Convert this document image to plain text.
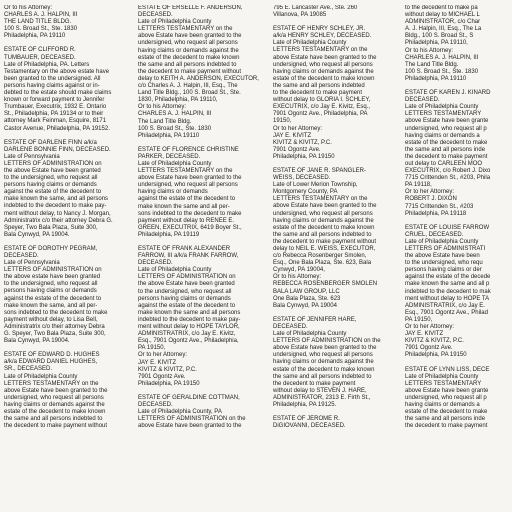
Or to his Attorney:

CHARLES A. J. HALPIN, III

THE LAND TITLE BLDG.

100 S. Broad St., Ste. 1830

Philadelphia, PA 19110

ESTATE OF CLIFFORD R.

TUMBAUER, DECEASED.

Late of Philadelphia, PA. Letters

Testamentary on the above estate have

been granted to the undersigned. All

persons having claims against or in-

debted to the estate should make claims

known or forward payment to Jennifer

Trumbauer, Executrix, 1932 E. Ontario

St., Philadelphia, PA 19134 or to their

attorney Mark Feinman, Esquire, 8171

Castor Avenue, Philadelphia, PA 19152.

ESTATE OF DARLENE FINN a/k/a

DARLENE BONNIE FINN, DECEASED.

Late of Pennsylvania

LETTERS OF ADMINISTRATION on

the above Estate have been granted

to the undersigned, who request all

persons having claims or demands

against the estate of the decedent to

make known the same, and all persons

indebted to the decedent to make pay-

ment without delay, to Nancy J. Morgan,

Administratrix c/o their attorney Debra G.

Speyer, Two Bala Plaza, Suite 300,

Bala Cynwyd, PA 19004.

ESTATE OF DOROTHY PEGRAM,

DECEASED.

Late of Pennsylvania

LETTERS OF ADMINISTRATION on

the above estate have been granted

to the undersigned, who request all

persons having claims or demands

against the estate of the decedent to

make known the same, and all per-

sons indebted to the decedent to make

payment without delay, to Lisa Bell,

Administratrix c/o their attorney Debra

G. Speyer, Two Bala Plaza, Suite 300,

Bala Cynwyd, PA 19004.

ESTATE OF EDWARD D. HUGHES

a/k/a EDWARD DANIEL HUGHES,

SR., DECEASED.

Late of Philadelphia County

LETTERS TESTAMENTARY on the

above Estate have been granted to the

undersigned, who request all persons

having claims or demands against the

estate of the decedent to make known

the same and all persons indebted to

the decedent to make payment without

ESTATE OF ERSELLE F. ANDERSON,

DECEASED.

Late of Philadelphia County

LETTERS TESTAMENTARY on the

above Estate have been granted to the

undersigned, who request all persons

having claims or demands against the

estate of the decedent to make known

the same and all persons indebted to

the decedent to make payment without

delay to KEITH A. ANDERSON, EXECUTOR,

c/o Charles A. J. Halpin, III, Esq., The

Land Title Bldg., 100 S. Broad St., Ste.

1830, Philadelphia, PA 19110,

Or to his Attorney:

CHARLES A. J. HALPIN, III

The Land Title Bldg.

100 S. Broad St., Ste. 1830

Philadelphia, PA 19110

ESTATE OF FLORENCE CHRISTINE

PARKER, DECEASED.

Late of Philadelphia County

LETTERS TESTAMENTARY on the

above Estate have been granted to the

undersigned, who request all persons

having claims or demands

against the estate of the decedent to

make known the same and all per-

sons indebted to the decedent to make

payment without delay to RENEE E.

GREEN, EXECUTRIX, 6419 Boyer St.,

Philadelphia, PA 19119

ESTATE OF FRANK ALEXANDER

FARROW, III a/k/a FRANK FARROW,

DECEASED.

Late of Philadelphia County

LETTERS OF ADMINISTRATION on

the above Estate have been granted

to the undersigned, who request all

persons having claims or demands

against the estate of the decedent to

make known the same and all persons

indebted to the decedent to make pay-

ment without delay to HOPE TAYLOR,

ADMINISTRATRIX, c/o Jay E. Kivitz,

Esq., 7901 Ogontz Ave., Philadelphia,

PA 19150,

Or to her Attorney:

JAY E. KIVITZ

KIVITZ & KIVITZ, P.C.

7901 Ogontz Ave.

Philadelphia, PA 19150

ESTATE OF GERALDINE COTTMAN,

DECEASED.

Late of Philadelphia County, PA

LETTERS OF ADMINISTRATION on the

above Estate have been granted to the

795 E. Lancaster Ave., Ste. 260

Villanova, PA 19085

ESTATE OF HENRY SCHLEY, JR.

a/k/a HENRY SCHLEY, DECEASED.

Late of Philadelphia County

LETTERS TESTAMENTARY on the

above Estate have been granted to the

undersigned, who request all persons

having claims or demands against the

estate of the decedent to make known

the same and all persons indebted

to the decedent to make payment

without delay to GLORIA I. SCHLEY,

EXECUTRIX, c/o Jay E. Kivitz, Esq.,

7901 Ogontz Ave., Philadelphia, PA

19150,

Or to her Attorney:

JAY E. KIVITZ

KIVITZ & KIVITZ, P.C.

7901 Ogontz Ave.

Philadelphia, PA 19150

ESTATE OF JANE R. SPANGLER-

WEISS, DECEASED.

Late of Lower Merion Township,

Montgomery County, PA

LETTERS TESTAMENTARY on the

above Estate have been granted to the

undersigned, who request all persons

having claims or demands against the

estate of the decedent to make known

the same and all persons indebted to

the decedent to make payment without

delay to NEIL E. WEISS, EXECUTOR,

c/o Rebecca Rosenberger Smolen,

Esq., One Bala Plaza, Ste. 623, Bala

Cynwyd, PA 19004,

Or to his Attorney:

REBECCA ROSENBERGER SMOLEN

BALA LAW GROUP, LLC

One Bala Plaza, Ste. 623

Bala Cynwyd, PA 19004

ESTATE OF JENNIFER HARE,

DECEASED.

Late of Philadelphia County

LETTERS OF ADMINISTRATION on the

above Estate have been granted to the

undersigned, who request all persons

having claims or demands against the

estate of the decedent to make known

the same and all persons indebted to

the decedent to make payment

without delay to STEVEN J. HARE,

ADMINISTRATOR, 2313 E. Firth St.,

Philadelphia, PA 19125.

ESTATE OF JEROME R.

DiGIOVANNI, DECEASED.

to the decedent to make pa

without delay to MICHAEL L

ADMINISTRATOR, c/o Char

A. J. Halpin, III, Esq., The La

Bldg., 100 S. Broad St., S

Philadelphia, PA 19110,

Or to his Attorney:

CHARLES A. J. HALPIN, III

The Land Title Bldg.

100 S. Broad St., Ste. 1830

Philadelphia, PA 19110

ESTATE OF KAREN J. KINARD

DECEASED.

Late of Philadelphia County

LETTERS TESTAMENTARY

above Estate have been grante

undersigned, who request all p

having claims or demands a

estate of the decedent to make

the same and all persons inde

the decedent to make payment

out delay to CARLEEN MOO

EXECUTRIX, c/o Robert J. Dixo

7715 Crittenden St., #203, Phila

PA 19118,

Or to her Attorney:

ROBERT J. DIXON

7715 Crittenden St., #203

Philadelphia, PA 19118

ESTATE OF LOUISE FARROW

CRUEL, DECEASED.

Late of Philadelphia County

LETTERS OF ADMINISTRATI

the above Estate have been

to the undersigned, who requ

persons having claims or der

against the estate of the decede

make known the same and all p

indebted to the decedent to mak

ment without delay to HOPE TA

ADMINISTRATRIX, c/o Jay E.

Esq., 7901 Ogontz Ave., Philad

PA 19150,

Or to her Attorney:

JAY E. KIVITZ

KIVITZ & KIVITZ, P.C.

7901 Ogontz Ave.

Philadelphia, PA 19150

ESTATE OF LYNN LISS, DECE

Late of Philadelphia County

LETTERS TESTAMENTARY

above Estate have been grante

undersigned, who request all p

having claims or demands a

estate of the decedent to make

the same and all persons inde

the decedent to make payment
